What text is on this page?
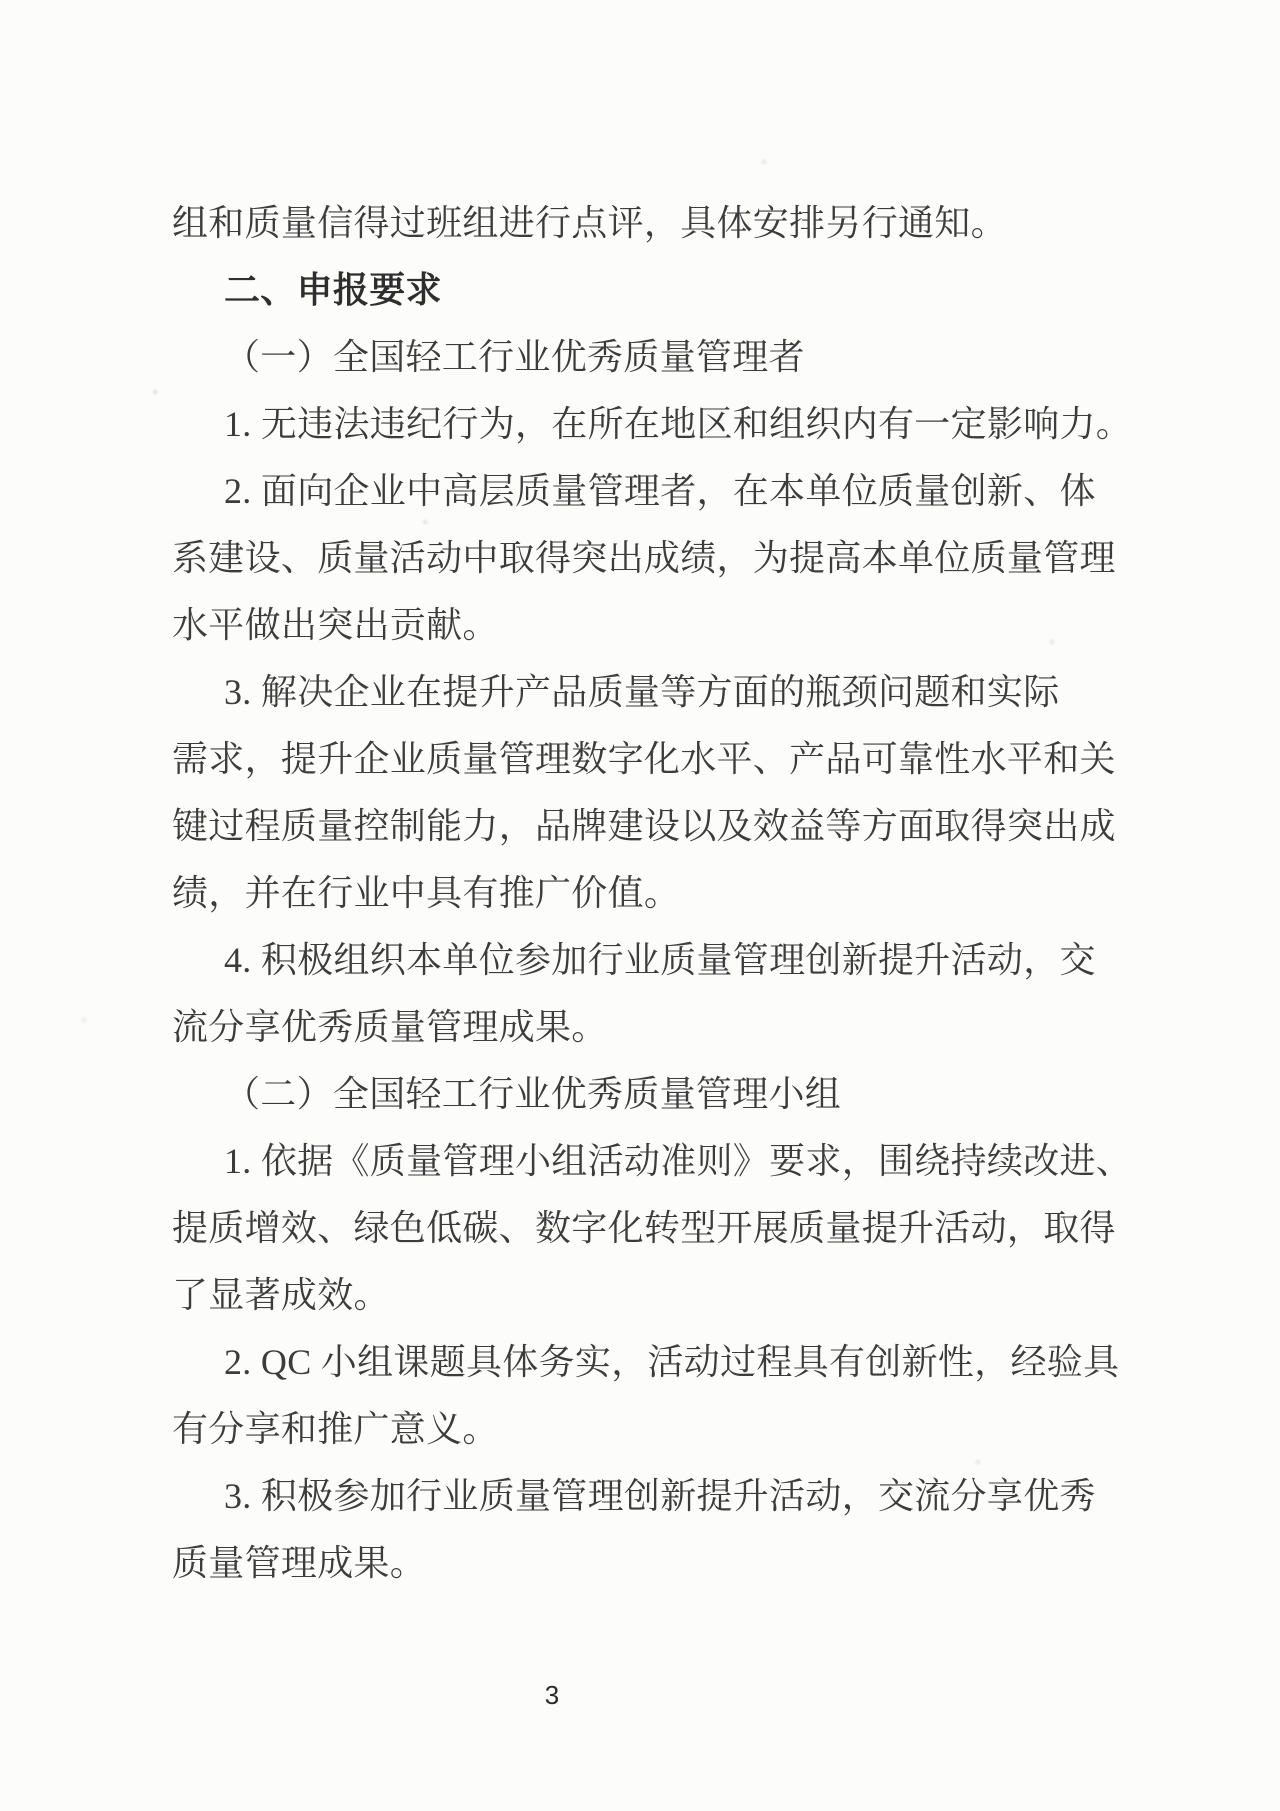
组和质量信得过班组进行点评，具体安排另行通知。
二、申报要求
（一）全国轻工行业优秀质量管理者
1. 无违法违纪行为，在所在地区和组织内有一定影响力。
2. 面向企业中高层质量管理者，在本单位质量创新、体
系建设、质量活动中取得突出成绩，为提高本单位质量管理
水平做出突出贡献。
3. 解决企业在提升产品质量等方面的瓶颈问题和实际
需求，提升企业质量管理数字化水平、产品可靠性水平和关
键过程质量控制能力，品牌建设以及效益等方面取得突出成
绩，并在行业中具有推广价值。
4. 积极组织本单位参加行业质量管理创新提升活动，交
流分享优秀质量管理成果。
（二）全国轻工行业优秀质量管理小组
1. 依据《质量管理小组活动准则》要求，围绕持续改进、
提质增效、绿色低碳、数字化转型开展质量提升活动，取得
了显著成效。
2. QC 小组课题具体务实，活动过程具有创新性，经验具
有分享和推广意义。
3. 积极参加行业质量管理创新提升活动，交流分享优秀
质量管理成果。
3
